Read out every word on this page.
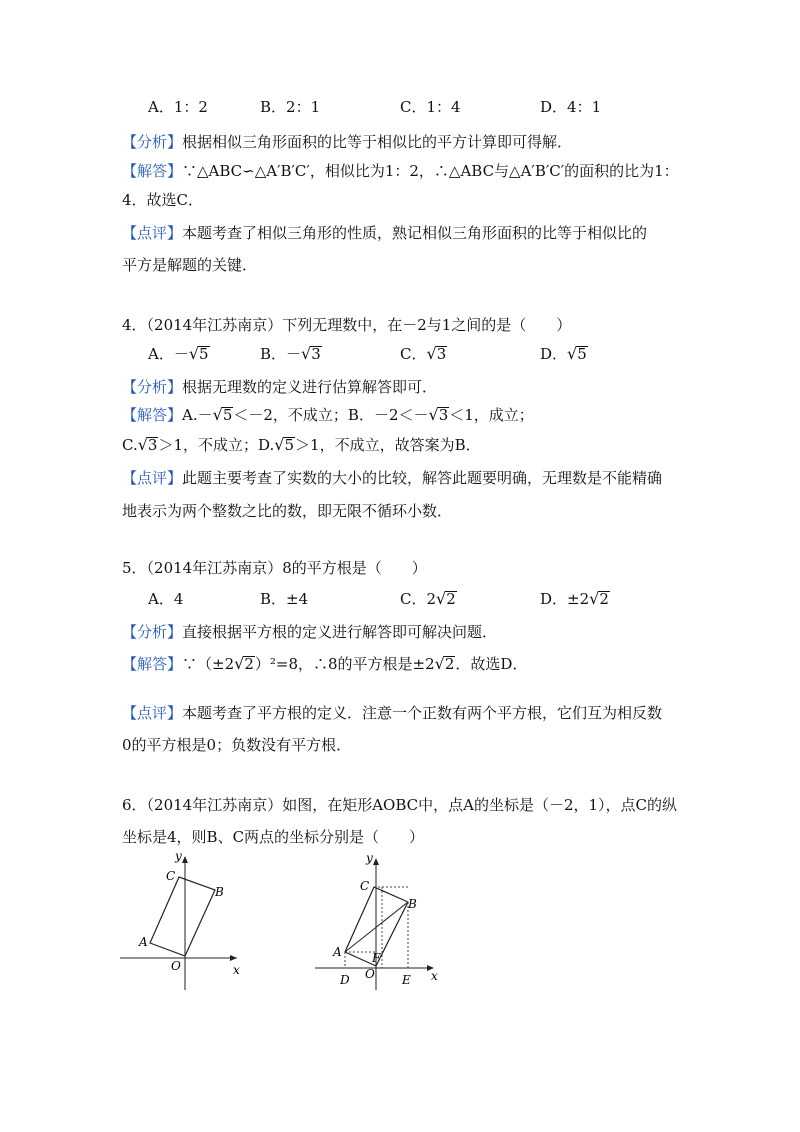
A．1：2	B．2：1	C．1：4	D．4：1
【分析】根据相似三角形面积的比等于相似比的平方计算即可得解．
【解答】∵△ABC∽△A′B′C′，相似比为1：2，∴△ABC与△A′B′C′的面积的比为1：
4．故选C．
【点评】本题考查了相似三角形的性质，熟记相似三角形面积的比等于相似比的
平方是解题的关键．
4．（2014年江苏南京）下列无理数中，在－2与1之间的是（　　）
A．－√5	B．－√3	C．√3	D．√5
【分析】根据无理数的定义进行估算解答即可．
【解答】A.－√5＜－2，不成立；B．－2＜－√3＜1，成立；
C.√3＞1，不成立；D.√5＞1，不成立，故答案为B．
【点评】此题主要考查了实数的大小的比较，解答此题要明确，无理数是不能精确
地表示为两个整数之比的数，即无限不循环小数．
5．（2014年江苏南京）8的平方根是（　　）
A．4	B．±4	C．2√2	D．±2√2
【分析】直接根据平方根的定义进行解答即可解决问题．
【解答】∵（±2√2）²=8，∴8的平方根是±2√2．故选D．
【点评】本题考查了平方根的定义．注意一个正数有两个平方根，它们互为相反数
0的平方根是0；负数没有平方根．
6．（2014年江苏南京）如图，在矩形AOBC中，点A的坐标是（－2，1），点C的纵
坐标是4，则B、C两点的坐标分别是（　　）
y
x
A
B
C
O
y
x
A
B
C
O
D	E
F
